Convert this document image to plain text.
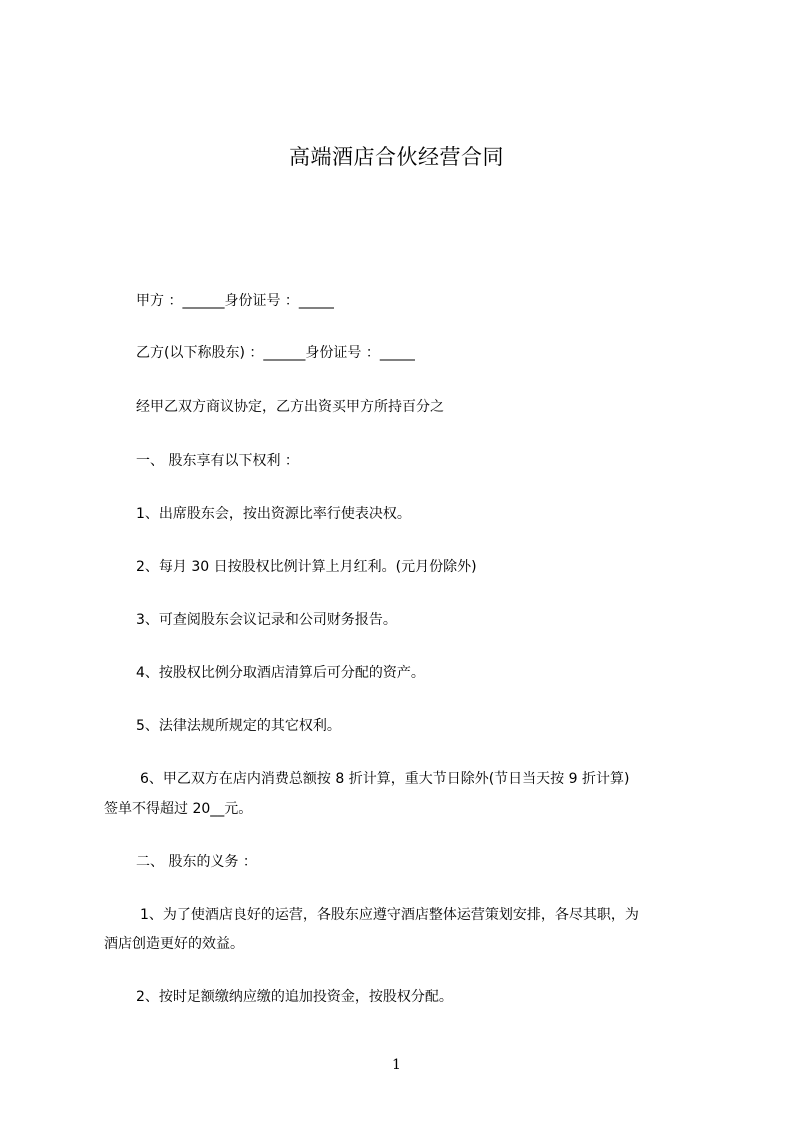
高端酒店合伙经营合同
甲方 ：______身份证号 ：_____
乙方(以下称股东) ：______身份证号 ：_____
经甲乙双方商议协定，乙方出资买甲方所持百分之
一、 股东享有以下权利 ：
1、出席股东会，按出资源比率行使表决权。
2、每月 30 日按股权比例计算上月红利。(元月份除外)
3、可查阅股东会议记录和公司财务报告。
4、按股权比例分取酒店清算后可分配的资产。
5、法律法规所规定的其它权利。
6、甲乙双方在店内消费总额按 8 折计算，重大节日除外(节日当天按 9 折计算)
签单不得超过 20__元。
二、 股东的义务 ：
1、为了使酒店良好的运营，各股东应遵守酒店整体运营策划安排，各尽其职，为
酒店创造更好的效益。
2、按时足额缴纳应缴的追加投资金，按股权分配。
1
